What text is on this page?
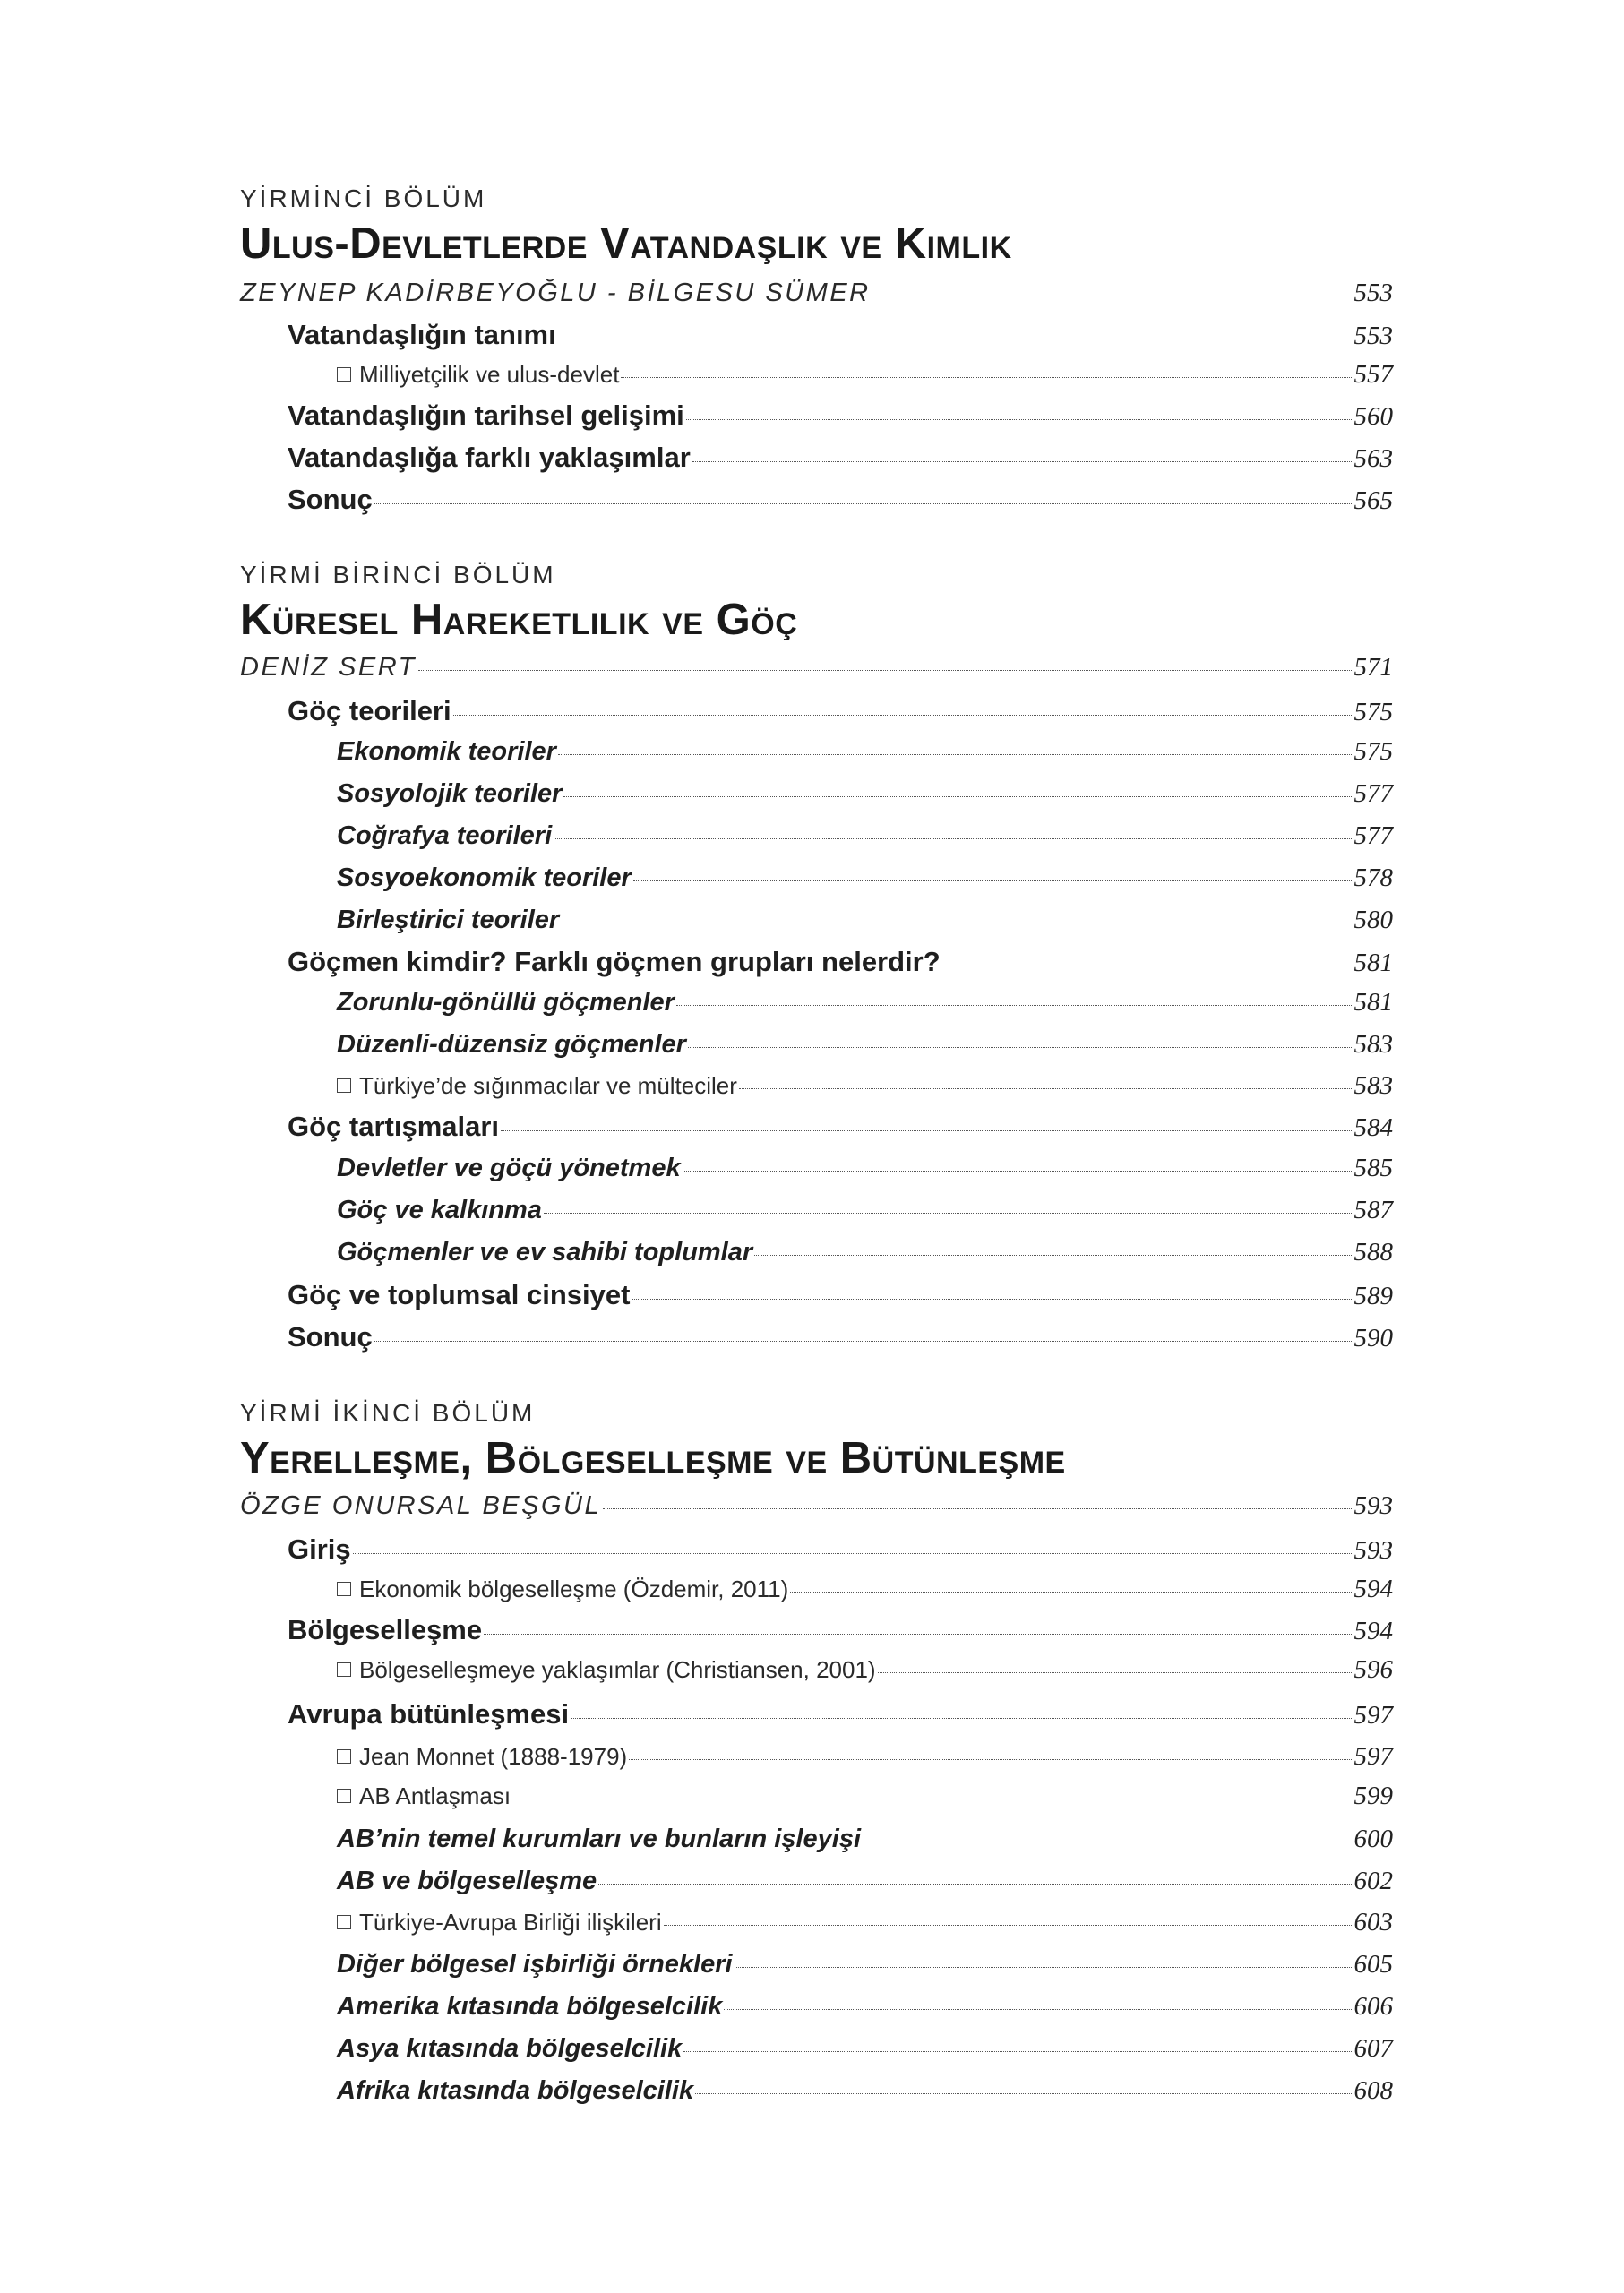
YİRMİNCİ BÖLÜM
Ulus-Devletlerde Vatandaşlık ve Kimlik
ZEYNEP KADİRBEYOĞLU - BİLGESU SÜMER	553
Vatandaşlığın tanımı	553
Milliyetçilik ve ulus-devlet	557
Vatandaşlığın tarihsel gelişimi	560
Vatandaşlığa farklı yaklaşımlar	563
Sonuç	565
YİRMİ BİRİNCİ BÖLÜM
Küresel Hareketlilik ve Göç
DENİZ SERT	571
Göç teorileri	575
Ekonomik teoriler	575
Sosyolojik teoriler	577
Coğrafya teorileri	577
Sosyoekonomik teoriler	578
Birleştirici teoriler	580
Göçmen kimdir? Farklı göçmen grupları nelerdir?	581
Zorunlu-gönüllü göçmenler	581
Düzenli-düzensiz göçmenler	583
Türkiye’de sığınmacılar ve mülteciler	583
Göç tartışmaları	584
Devletler ve göçü yönetmek	585
Göç ve kalkınma	587
Göçmenler ve ev sahibi toplumlar	588
Göç ve toplumsal cinsiyet	589
Sonuç	590
YİRMİ İKİNCİ BÖLÜM
Yerelleşme, Bölgeselleşme ve Bütünleşme
ÖZGE ONURSAL BEŞGÜL	593
Giriş	593
Ekonomik bölgeselleşme (Özdemir, 2011)	594
Bölgeselleşme	594
Bölgeselleşmeye yaklaşımlar (Christiansen, 2001)	596
Avrupa bütünleşmesi	597
Jean Monnet (1888-1979)	597
AB Antlaşması	599
AB’nin temel kurumları ve bunların işleyişi	600
AB ve bölgeselleşme	602
Türkiye-Avrupa Birliği ilişkileri	603
Diğer bölgesel işbirliği örnekleri	605
Amerika kıtasında bölgeselcilik	606
Asya kıtasında bölgeselcilik	607
Afrika kıtasında bölgeselcilik	608
